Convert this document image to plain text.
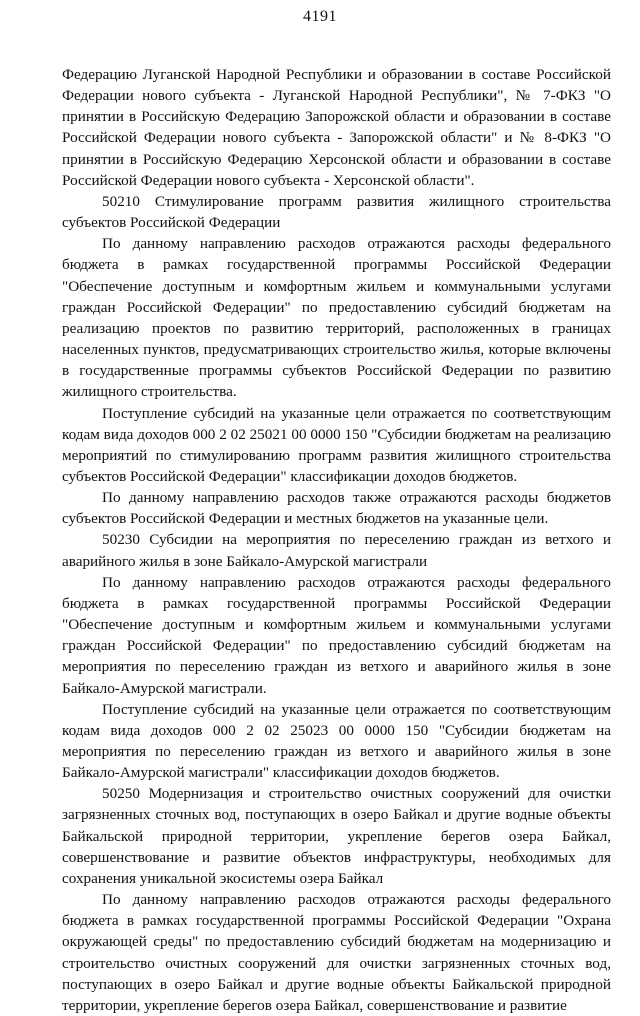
4191

Федерацию Луганской Народной Республики и образовании в составе Российской Федерации нового субъекта - Луганской Народной Республики", № 7-ФКЗ "О принятии в Российскую Федерацию Запорожской области и образовании в составе Российской Федерации нового субъекта - Запорожской области" и № 8-ФКЗ "О принятии в Российскую Федерацию Херсонской области и образовании в составе Российской Федерации нового субъекта - Херсонской области".

50210 Стимулирование программ развития жилищного строительства субъектов Российской Федерации

По данному направлению расходов отражаются расходы федерального бюджета в рамках государственной программы Российской Федерации "Обеспечение доступным и комфортным жильем и коммунальными услугами граждан Российской Федерации" по предоставлению субсидий бюджетам на реализацию проектов по развитию территорий, расположенных в границах населенных пунктов, предусматривающих строительство жилья, которые включены в государственные программы субъектов Российской Федерации по развитию жилищного строительства.

Поступление субсидий на указанные цели отражается по соответствующим кодам вида доходов 000 2 02 25021 00 0000 150 "Субсидии бюджетам на реализацию мероприятий по стимулированию программ развития жилищного строительства субъектов Российской Федерации" классификации доходов бюджетов.

По данному направлению расходов также отражаются расходы бюджетов субъектов Российской Федерации и местных бюджетов на указанные цели.

50230 Субсидии на мероприятия по переселению граждан из ветхого и аварийного жилья в зоне Байкало-Амурской магистрали

По данному направлению расходов отражаются расходы федерального бюджета в рамках государственной программы Российской Федерации "Обеспечение доступным и комфортным жильем и коммунальными услугами граждан Российской Федерации" по предоставлению субсидий бюджетам на мероприятия по переселению граждан из ветхого и аварийного жилья в зоне Байкало-Амурской магистрали.

Поступление субсидий на указанные цели отражается по соответствующим кодам вида доходов 000 2 02 25023 00 0000 150 "Субсидии бюджетам на мероприятия по переселению граждан из ветхого и аварийного жилья в зоне Байкало-Амурской магистрали" классификации доходов бюджетов.

50250 Модернизация и строительство очистных сооружений для очистки загрязненных сточных вод, поступающих в озеро Байкал и другие водные объекты Байкальской природной территории, укрепление берегов озера Байкал, совершенствование и развитие объектов инфраструктуры, необходимых для сохранения уникальной экосистемы озера Байкал

По данному направлению расходов отражаются расходы федерального бюджета в рамках государственной программы Российской Федерации "Охрана окружающей среды" по предоставлению субсидий бюджетам на модернизацию и строительство очистных сооружений для очистки загрязненных сточных вод, поступающих в озеро Байкал и другие водные объекты Байкальской природной территории, укрепление берегов озера Байкал, совершенствование и развитие
